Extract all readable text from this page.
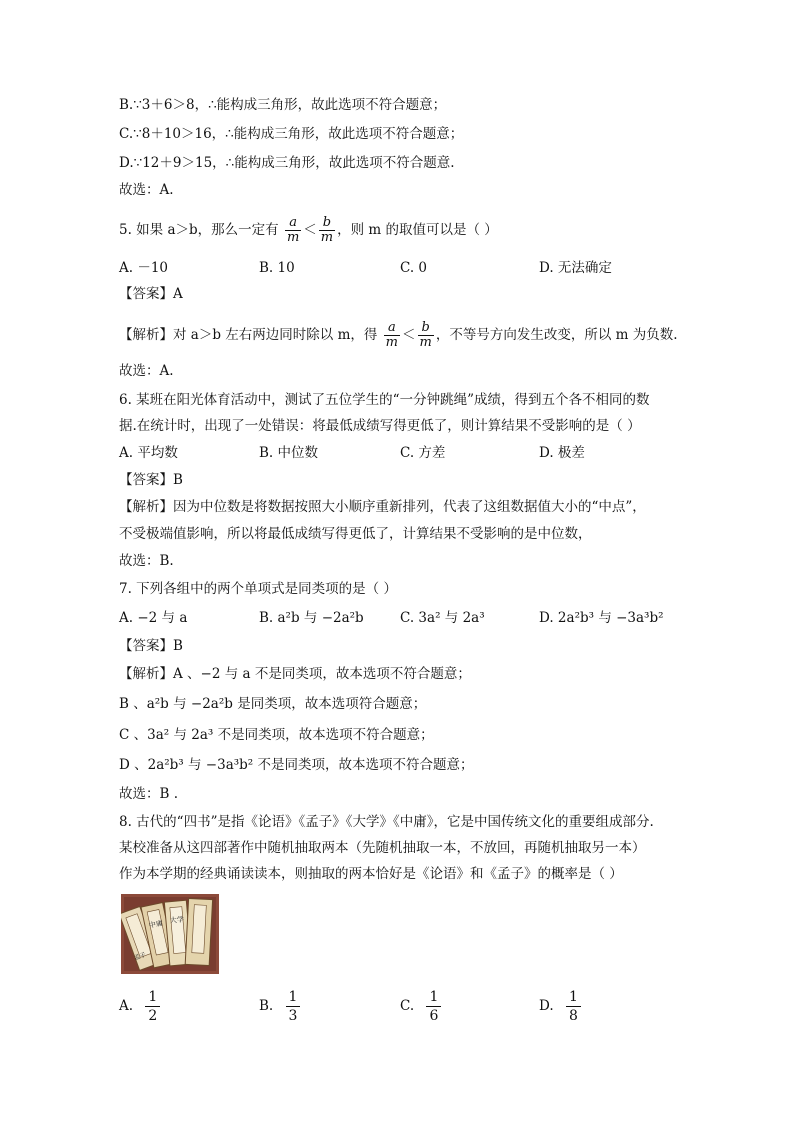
B.∵3＋6＞8，∴能构成三角形，故此选项不符合题意；
C.∵8＋10＞16，∴能构成三角形，故此选项不符合题意；
D.∵12＋9＞15，∴能构成三角形，故此选项不符合题意.
故选：A.
5. 如果 a＞b，那么一定有 $\frac{a}{m} < \frac{b}{m}$ ，则 m 的取值可以是（ ）
A. －10	B. 10	C. 0	D. 无法确定
【答案】A
【解析】对 a＞b 左右两边同时除以 m，得 $\frac{a}{m} < \frac{b}{m}$ ，不等号方向发生改变，所以 m 为负数.
故选：A.
6. 某班在阳光体育活动中，测试了五位学生的“一分钟跳绳”成绩，得到五个各不相同的数
据.在统计时，出现了一处错误：将最低成绩写得更低了，则计算结果不受影响的是（ ）
A. 平均数	B. 中位数	C. 方差	D. 极差
【答案】B
【解析】因为中位数是将数据按照大小顺序重新排列，代表了这组数据值大小的“中点”，
不受极端值影响，所以将最低成绩写得更低了，计算结果不受影响的是中位数，
故选：B.
7. 下列各组中的两个单项式是同类项的是（ ）
A. −2 与 a	B. a²b 与 −2a²b	C. 3a² 与 2a³	D. 2a²b³ 与 −3a³b²
【答案】B
【解析】A 、−2 与 a 不是同类项，故本选项不符合题意；
B 、a²b 与 −2a²b 是同类项，故本选项符合题意；
C 、3a² 与 2a³ 不是同类项，故本选项不符合题意；
D 、2a²b³ 与 −3a³b² 不是同类项，故本选项不符合题意；
故选：B .
8. 古代的“四书”是指《论语》《孟子》《大学》《中庸》，它是中国传统文化的重要组成部分.
某校准备从这四部著作中随机抽取两本（先随机抽取一本，不放回，再随机抽取另一本）
作为本学期的经典诵读读本，则抽取的两本恰好是《论语》和《孟子》的概率是（ ）
中庸 大学
孟子
A. $\frac{1}{2}$	B. $\frac{1}{3}$	C. $\frac{1}{6}$	D. $\frac{1}{8}$
